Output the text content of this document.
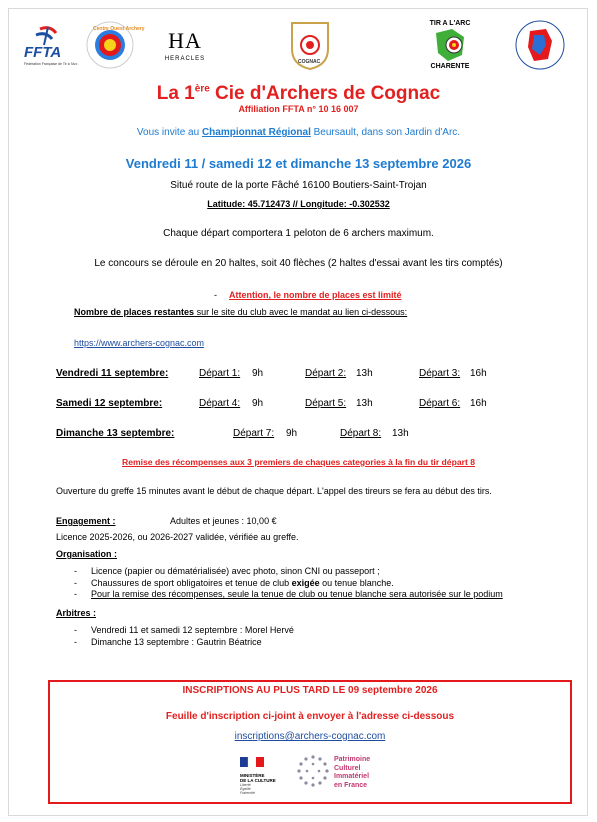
FFTA
Fédération Française de Tir à l'Arc
Centre Ouest Archery HA
HERACLES	COGNAC
TIR A L'ARC
CHARENTE
La 1ère Cie d'Archers de Cognac
Affiliation FFTA n° 10 16 007
Vous invite au Championnat Régional Beursault, dans son Jardin d'Arc.
Vendredi 11 / samedi 12 et dimanche 13 septembre 2026
Situé route de la porte Fâché 16100 Boutiers-Saint-Trojan
Latitude: 45.712473 // Longitude: -0.302532
Chaque départ comportera 1 peloton de 6 archers maximum.
Le concours se déroule en 20 haltes, soit 40 flèches (2 haltes d'essai avant les tirs comptés)
- Attention, le nombre de places est limité
Nombre de places restantes sur le site du club avec le mandat au lien ci-dessous:
https://www.archers-cognac.com
Vendredi 11 septembre:	Départ 1: 9h	Départ 2: 13h	Départ 3: 16h
Samedi 12 septembre:	Départ 4: 9h	Départ 5: 13h	Départ 6: 16h
Dimanche 13 septembre:	Départ 7: 9h	Départ 8: 13h
Remise des récompenses aux 3 premiers de chaques categories à la fin du tir départ 8
Ouverture du greffe 15 minutes avant le début de chaque départ. L'appel des tireurs se fera au début des tirs.
Engagement :	Adultes et jeunes : 10,00 €
Licence 2025-2026, ou 2026-2027 validée, vérifiée au greffe.
Organisation :
- Licence (papier ou dématérialisée) avec photo, sinon CNI ou passeport ;
- Chaussures de sport obligatoires et tenue de club exigée ou tenue blanche.
- Pour la remise des récompenses, seule la tenue de club ou tenue blanche sera autorisée sur le podium
Arbitres :
- Vendredi 11 et samedi 12 septembre : Morel Hervé
- Dimanche 13 septembre : Gautrin Béatrice
INSCRIPTIONS AU PLUS TARD LE 09 septembre 2026
Feuille d'inscription ci-joint à envoyer à l'adresse ci-dessous
inscriptions@archers-cognac.com
MINISTÈRE
DE LA CULTURE
Liberté
Égalité
Fraternité
Patrimoine
Culturel
Immatériel
en France
